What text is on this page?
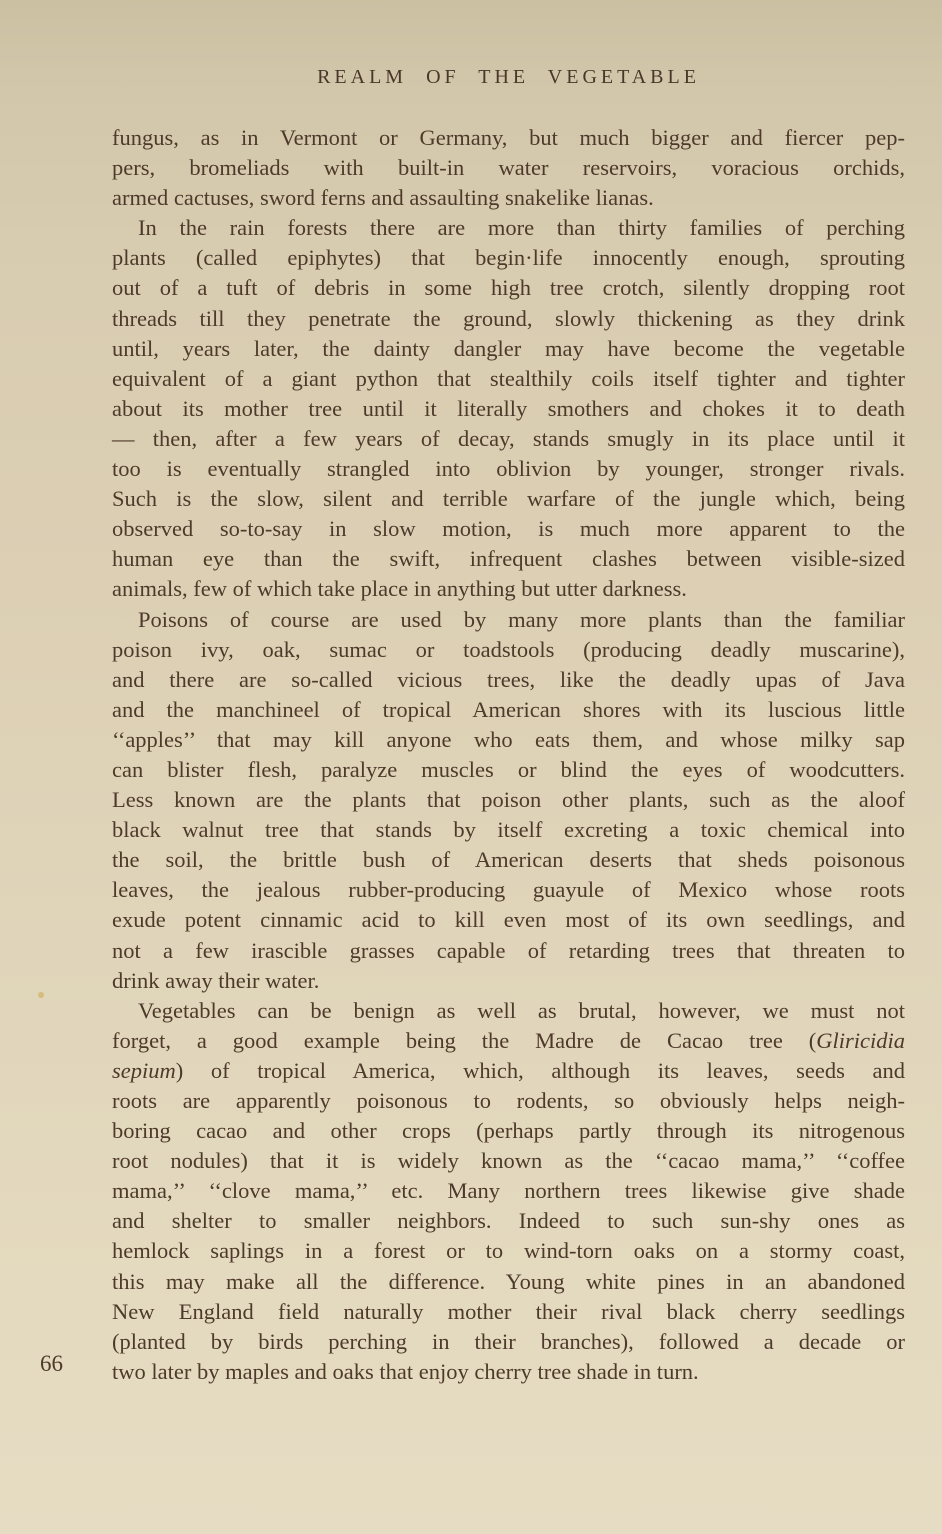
REALM OF THE VEGETABLE
fungus, as in Vermont or Germany, but much bigger and fiercer pep-
pers, bromeliads with built-in water reservoirs, voracious orchids,
armed cactuses, sword ferns and assaulting snakelike lianas.
In the rain forests there are more than thirty families of perching
plants (called epiphytes) that begin·life innocently enough, sprouting
out of a tuft of debris in some high tree crotch, silently dropping root
threads till they penetrate the ground, slowly thickening as they drink
until, years later, the dainty dangler may have become the vegetable
equivalent of a giant python that stealthily coils itself tighter and tighter
about its mother tree until it literally smothers and chokes it to death
— then, after a few years of decay, stands smugly in its place until it
too is eventually strangled into oblivion by younger, stronger rivals.
Such is the slow, silent and terrible warfare of the jungle which, being
observed so-to-say in slow motion, is much more apparent to the
human eye than the swift, infrequent clashes between visible-sized
animals, few of which take place in anything but utter darkness.
Poisons of course are used by many more plants than the familiar
poison ivy, oak, sumac or toadstools (producing deadly muscarine),
and there are so-called vicious trees, like the deadly upas of Java
and the manchineel of tropical American shores with its luscious little
‘‘apples’’ that may kill anyone who eats them, and whose milky sap
can blister flesh, paralyze muscles or blind the eyes of woodcutters.
Less known are the plants that poison other plants, such as the aloof
black walnut tree that stands by itself excreting a toxic chemical into
the soil, the brittle bush of American deserts that sheds poisonous
leaves, the jealous rubber-producing guayule of Mexico whose roots
exude potent cinnamic acid to kill even most of its own seedlings, and
not a few irascible grasses capable of retarding trees that threaten to
drink away their water.
Vegetables can be benign as well as brutal, however, we must not
forget, a good example being the Madre de Cacao tree (Gliricidia
sepium) of tropical America, which, although its leaves, seeds and
roots are apparently poisonous to rodents, so obviously helps neigh-
boring cacao and other crops (perhaps partly through its nitrogenous
root nodules) that it is widely known as the ‘‘cacao mama,’’ ‘‘coffee
mama,’’ ‘‘clove mama,’’ etc. Many northern trees likewise give shade
and shelter to smaller neighbors. Indeed to such sun-shy ones as
hemlock saplings in a forest or to wind-torn oaks on a stormy coast,
this may make all the difference. Young white pines in an abandoned
New England field naturally mother their rival black cherry seedlings
(planted by birds perching in their branches), followed a decade or
two later by maples and oaks that enjoy cherry tree shade in turn.
66
